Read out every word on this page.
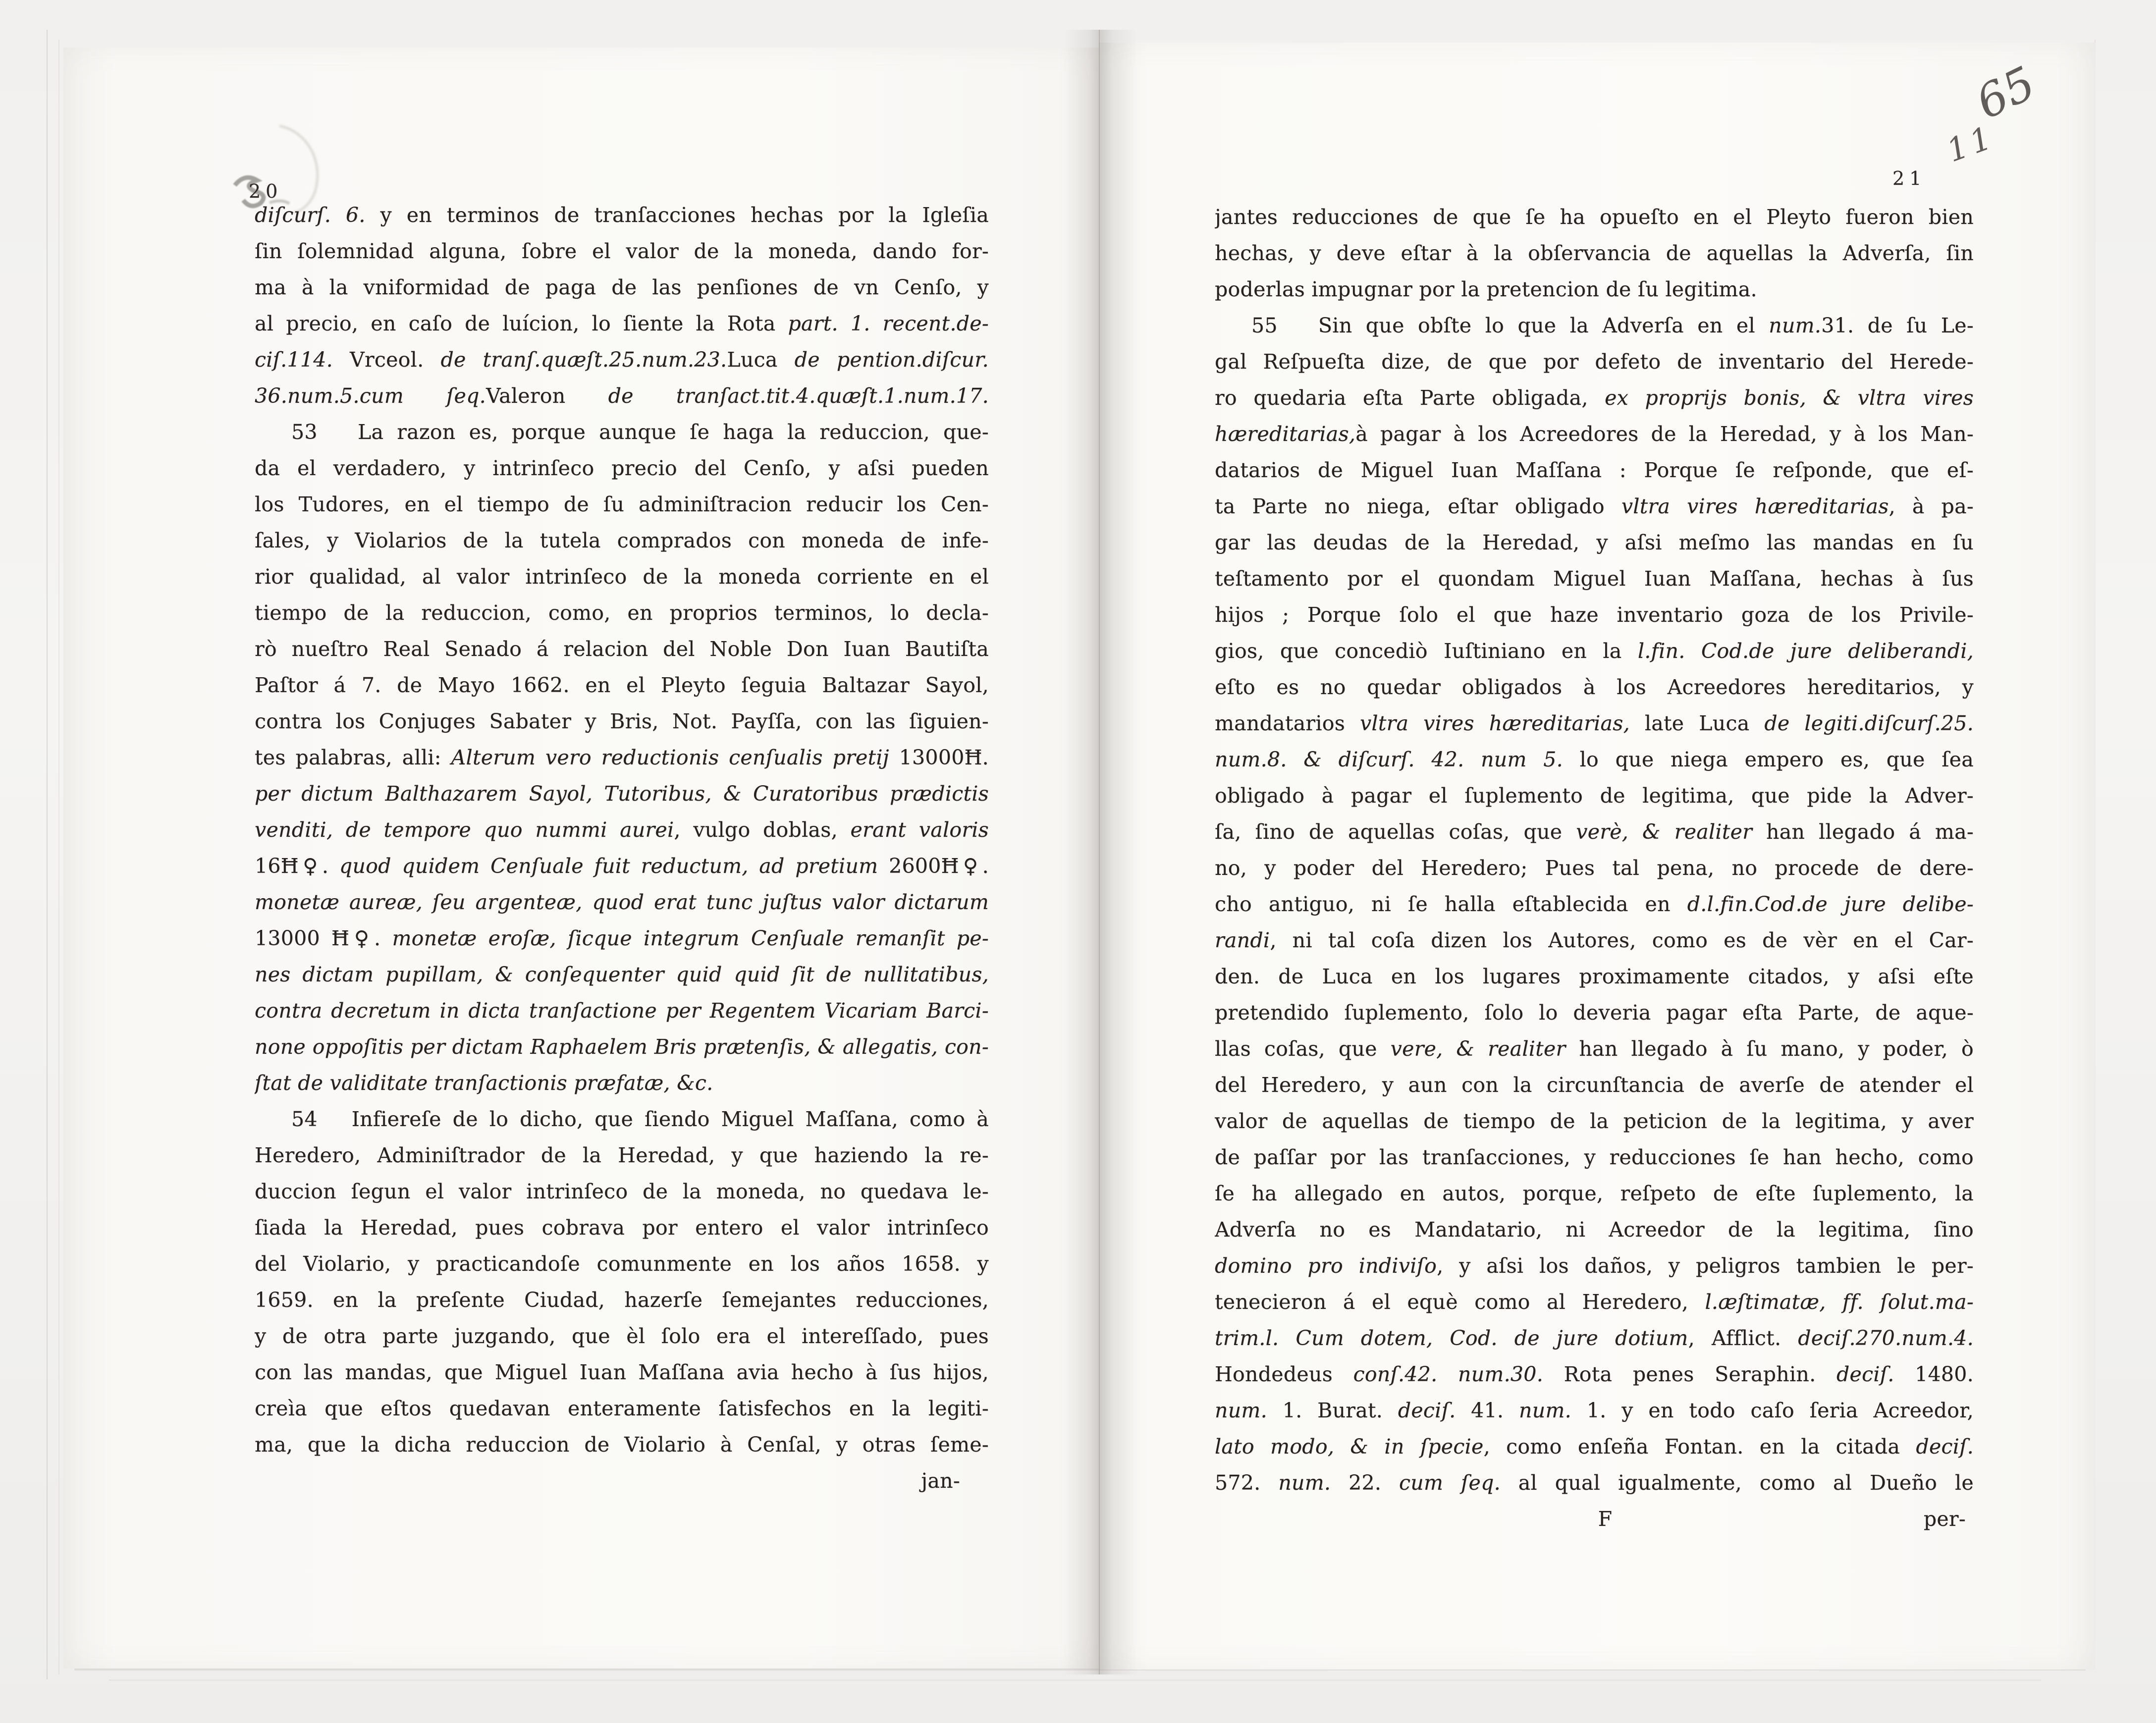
20
diſcurſ. 6. y en terminos de tranſacciones hechas por la Igleſia
ſin ſolemnidad alguna, ſobre el valor de la moneda, dando for-
ma à la vniformidad de paga de las penſiones de vn Cenſo, y
al precio, en caſo de luícion, lo ſiente la Rota part. 1. recent.de-
ciſ.114. Vrceol. de tranſ.quæſt.25.num.23.Luca de pention.diſcur.
36.num.5.cum ſeq.Valeron de tranſact.tit.4.quæſt.1.num.17.
53   La razon es, porque aunque ſe haga la reduccion, que-
da el verdadero, y intrinſeco precio del Cenſo, y aſsi pueden
los Tudores, en el tiempo de ſu adminiſtracion reducir los Cen-
ſales, y Violarios de la tutela comprados con moneda de infe-
rior qualidad, al valor intrinſeco de la moneda corriente en el
tiempo de la reduccion, como, en proprios terminos, lo decla-
rò nueſtro Real Senado á relacion del Noble Don Iuan Bautiſta
Paſtor á 7. de Mayo 1662. en el Pleyto ſeguia Baltazar Sayol,
contra los Conjuges Sabater y Bris, Not. Payſſa, con las ſiguien-
tes palabras, alli: Alterum vero reductionis cenſualis pretij 13000Ħ.
per dictum Balthazarem Sayol, Tutoribus, & Curatoribus prædictis
venditi, de tempore quo nummi aurei, vulgo doblas, erant valoris
16Ħ♀. quod quidem Cenſuale fuit reductum, ad pretium 2600Ħ♀.
monetæ aureæ, ſeu argenteæ, quod erat tunc juſtus valor dictarum
13000 Ħ♀. monetæ eroſæ, ſicque integrum Cenſuale remanſit pe-
nes dictam pupillam, & conſequenter quid quid ſit de nullitatibus,
contra decretum in dicta tranſactione per Regentem Vicariam Barci-
none oppoſitis per dictam Raphaelem Bris prætenſis, & allegatis, con-
ſtat de validitate tranſactionis præfatæ, &c.
54   Infiereſe de lo dicho, que ſiendo Miguel Maſſana, como à
Heredero, Adminiſtrador de la Heredad, y que haziendo la re-
duccion ſegun el valor intrinſeco de la moneda, no quedava le-
ſiada la Heredad, pues cobrava por entero el valor intrinſeco
del Violario, y practicandoſe comunmente en los años 1658. y
1659. en la preſente Ciudad, hazerſe ſemejantes reducciones,
y de otra parte juzgando, que èl ſolo era el intereſſado, pues
con las mandas, que Miguel Iuan Maſſana avia hecho à ſus hijos,
creìa que eſtos quedavan enteramente ſatisfechos en la legiti-
ma, que la dicha reduccion de Violario à Cenſal, y otras ſeme-
jan-
65
11
21
jantes reducciones de que ſe ha opueſto en el Pleyto fueron bien
hechas, y deve eſtar à la obſervancia de aquellas la Adverſa, ſin
poderlas impugnar por la pretencion de ſu legitima.
55   Sin que obſte lo que la Adverſa en el num.31. de ſu Le-
gal Reſpueſta dize, de que por defeto de inventario del Herede-
ro quedaria eſta Parte obligada, ex proprijs bonis, & vltra vires
hæreditarias,à pagar à los Acreedores de la Heredad, y à los Man-
datarios de Miguel Iuan Maſſana : Porque ſe reſponde, que eſ-
ta Parte no niega, eſtar obligado vltra vires hæreditarias, à pa-
gar las deudas de la Heredad, y aſsi meſmo las mandas en ſu
teſtamento por el quondam Miguel Iuan Maſſana, hechas à ſus
hijos ; Porque ſolo el que haze inventario goza de los Privile-
gios, que concediò Iuſtiniano en la l.fin. Cod.de jure deliberandi,
eſto es no quedar obligados à los Acreedores hereditarios, y
mandatarios vltra vires hæreditarias, late Luca de legiti.diſcurſ.25.
num.8. & diſcurſ. 42. num 5. lo que niega empero es, que ſea
obligado à pagar el ſuplemento de legitima, que pide la Adver-
ſa, ſino de aquellas coſas, que verè, & realiter han llegado á ma-
no, y poder del Heredero; Pues tal pena, no procede de dere-
cho antiguo, ni ſe halla eſtablecida en d.l.fin.Cod.de jure delibe-
randi, ni tal coſa dizen los Autores, como es de vèr en el Car-
den. de Luca en los lugares proximamente citados, y aſsi eſte
pretendido ſuplemento, ſolo lo deveria pagar eſta Parte, de aque-
llas coſas, que vere, & realiter han llegado à ſu mano, y poder, ò
del Heredero, y aun con la circunſtancia de averſe de atender el
valor de aquellas de tiempo de la peticion de la legitima, y aver
de paſſar por las tranſacciones, y reducciones ſe han hecho, como
ſe ha allegado en autos, porque, reſpeto de eſte ſuplemento, la
Adverſa no es Mandatario, ni Acreedor de la legitima, ſino
domino pro indiviſo, y aſsi los daños, y peligros tambien le per-
tenecieron á el equè como al Heredero, l.æſtimatæ, ff. ſolut.ma-
trim.l. Cum dotem, Cod. de jure dotium, Afflict. deciſ.270.num.4.
Hondedeus conſ.42. num.30. Rota penes Seraphin. deciſ. 1480.
num. 1. Burat. deciſ. 41. num. 1. y en todo caſo ſeria Acreedor,
lato modo, & in ſpecie, como enſeña Fontan. en la citada deciſ.
572. num. 22. cum ſeq. al qual igualmente, como al Dueño le
F	per-
